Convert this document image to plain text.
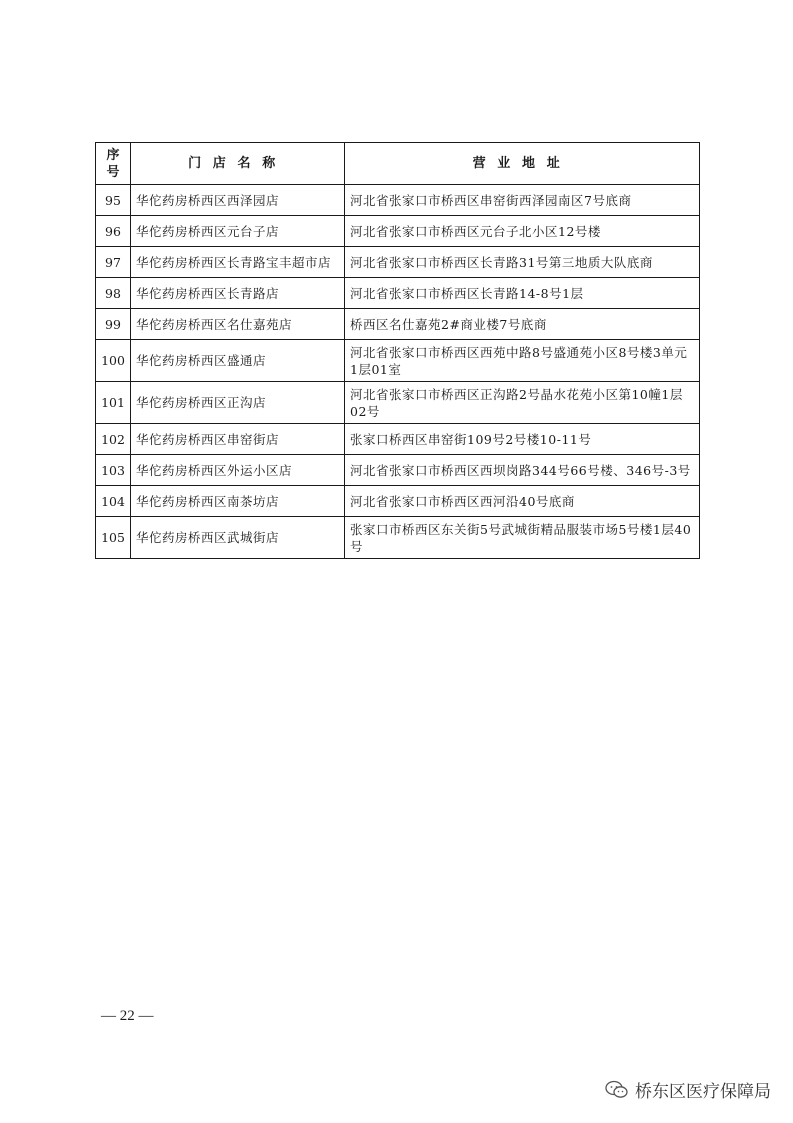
序号	门店名称	营业地址
95	华佗药房桥西区西泽园店	河北省张家口市桥西区串窑街西泽园南区7号底商
96	华佗药房桥西区元台子店	河北省张家口市桥西区元台子北小区12号楼
97	华佗药房桥西区长青路宝丰超市店	河北省张家口市桥西区长青路31号第三地质大队底商
98	华佗药房桥西区长青路店	河北省张家口市桥西区长青路14-8号1层
99	华佗药房桥西区名仕嘉苑店	桥西区名仕嘉苑2#商业楼7号底商
100	华佗药房桥西区盛通店	河北省张家口市桥西区西苑中路8号盛通苑小区8号楼3单元1层01室
101	华佗药房桥西区正沟店	河北省张家口市桥西区正沟路2号晶水花苑小区第10幢1层02号
102	华佗药房桥西区串窑街店	张家口桥西区串窑街109号2号楼10-11号
103	华佗药房桥西区外运小区店	河北省张家口市桥西区西坝岗路344号66号楼、346号-3号
104	华佗药房桥西区南茶坊店	河北省张家口市桥西区西河沿40号底商
105	华佗药房桥西区武城街店	张家口市桥西区东关街5号武城街精品服装市场5号楼1层40号
— 22 —
桥东区医疗保障局
